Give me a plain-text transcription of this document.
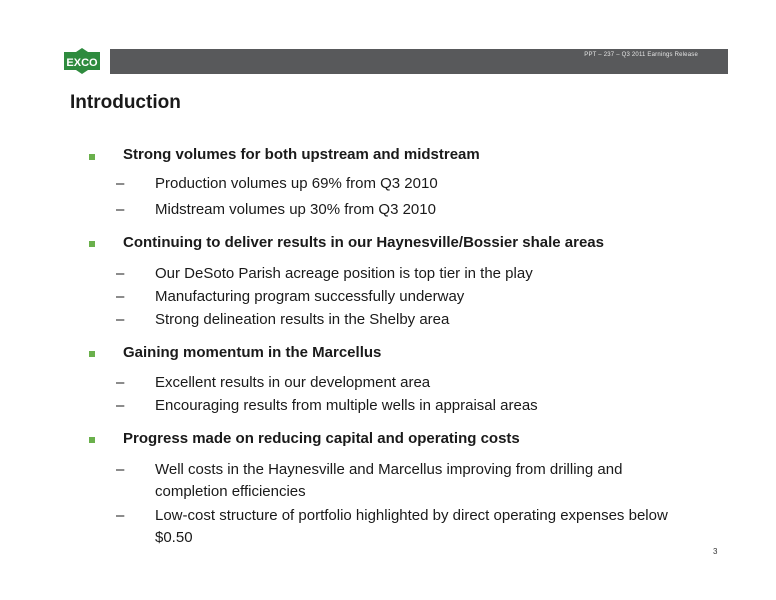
EXCO
PPT – 237 – Q3 2011 Earnings Release
Introduction
Strong volumes for both upstream and midstream
– Production volumes up 69% from Q3 2010
– Midstream volumes up 30% from Q3 2010
Continuing to deliver results in our Haynesville/Bossier shale areas
– Our DeSoto Parish acreage position is top tier in the play
– Manufacturing program successfully underway
– Strong delineation results in the Shelby area
Gaining momentum in the Marcellus
– Excellent results in our development area
– Encouraging results from multiple wells in appraisal areas
Progress made on reducing capital and operating costs
– Well costs in the Haynesville and Marcellus improving from drilling and completion efficiencies
– Low-cost structure of portfolio highlighted by direct operating expenses below $0.50
3
